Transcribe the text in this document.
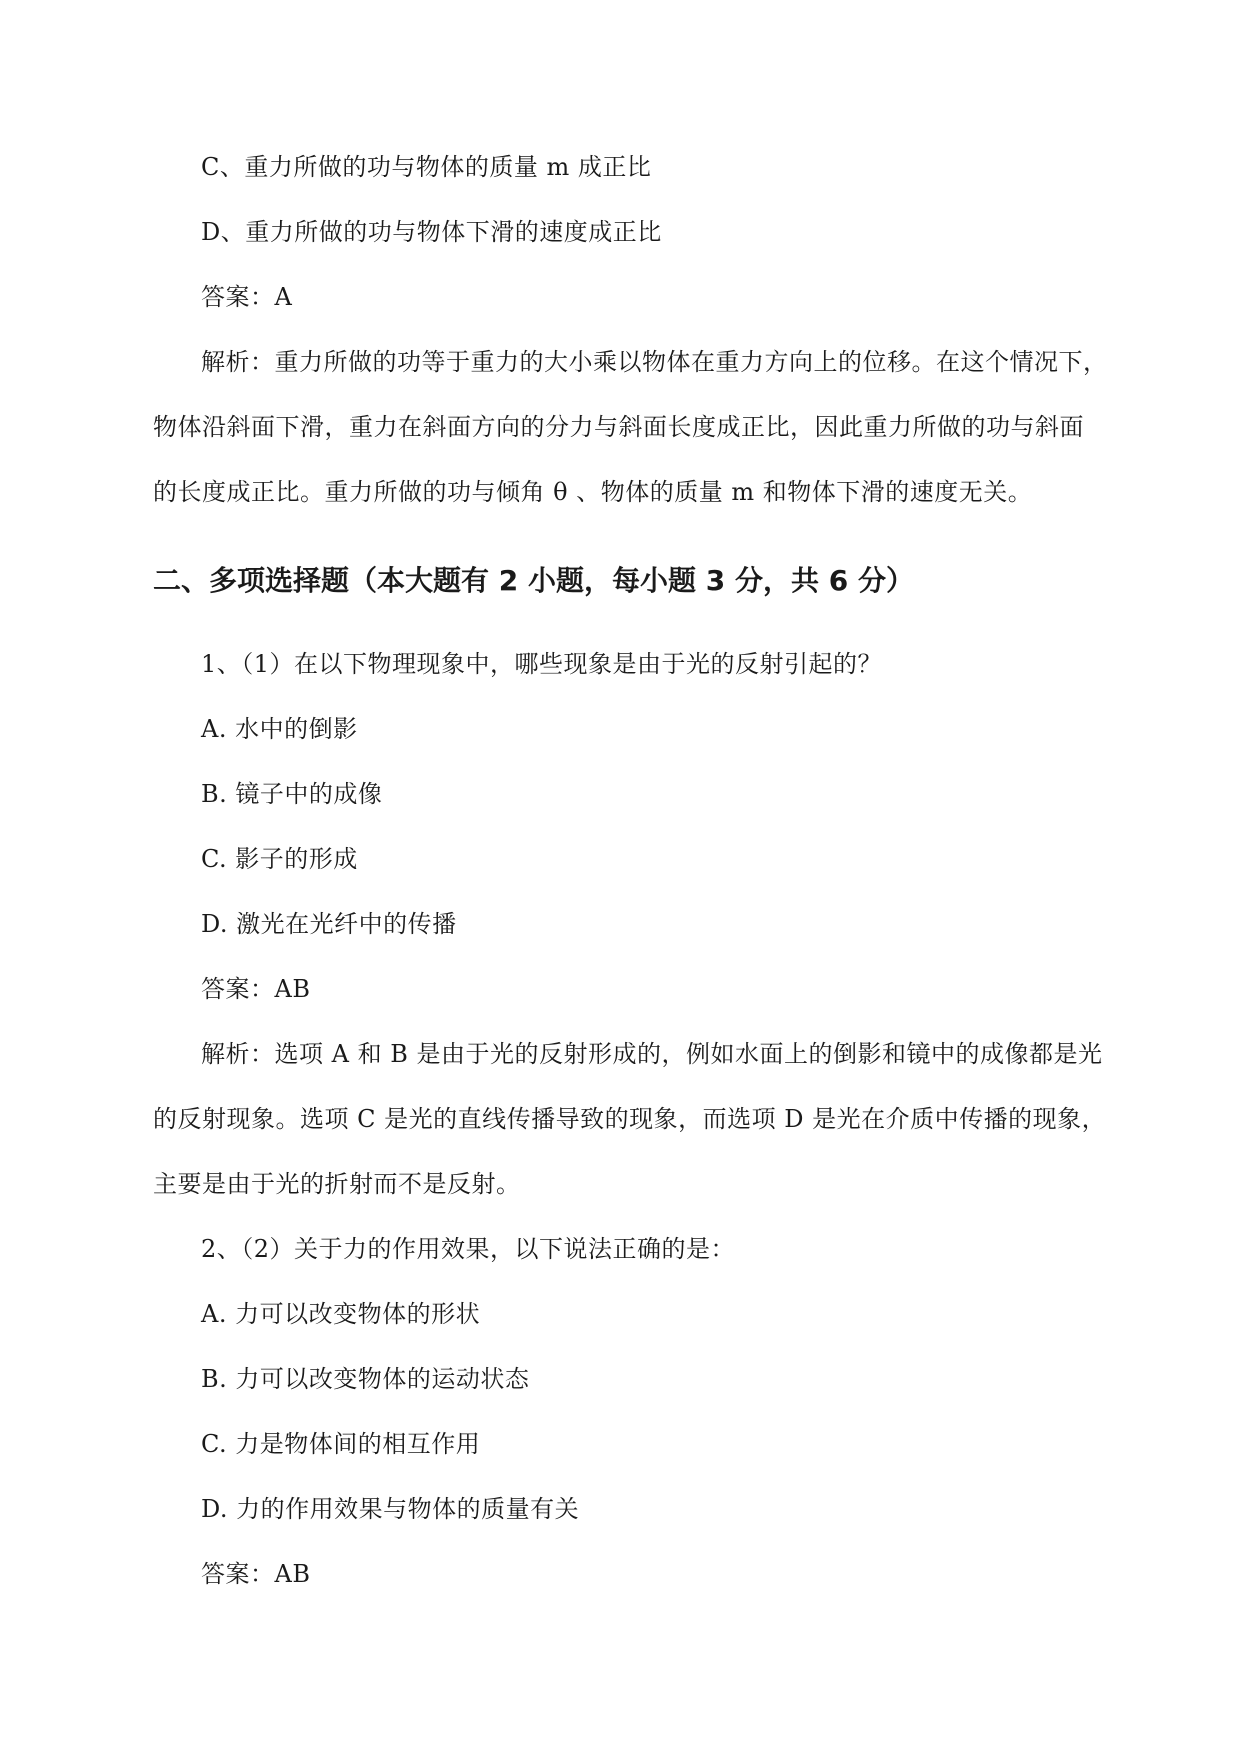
C、重力所做的功与物体的质量 m 成正比
D、重力所做的功与物体下滑的速度成正比
答案：A
解析：重力所做的功等于重力的大小乘以物体在重力方向上的位移。在这个情况下，
物体沿斜面下滑，重力在斜面方向的分力与斜面长度成正比，因此重力所做的功与斜面
的长度成正比。重力所做的功与倾角 θ 、物体的质量 m 和物体下滑的速度无关。
二、多项选择题（本大题有 2 小题，每小题 3 分，共 6 分）
1、（1）在以下物理现象中，哪些现象是由于光的反射引起的？
A. 水中的倒影
B. 镜子中的成像
C. 影子的形成
D. 激光在光纤中的传播
答案：AB
解析：选项 A 和 B 是由于光的反射形成的，例如水面上的倒影和镜中的成像都是光
的反射现象。选项 C 是光的直线传播导致的现象，而选项 D 是光在介质中传播的现象，
主要是由于光的折射而不是反射。
2、（2）关于力的作用效果，以下说法正确的是：
A. 力可以改变物体的形状
B. 力可以改变物体的运动状态
C. 力是物体间的相互作用
D. 力的作用效果与物体的质量有关
答案：AB
